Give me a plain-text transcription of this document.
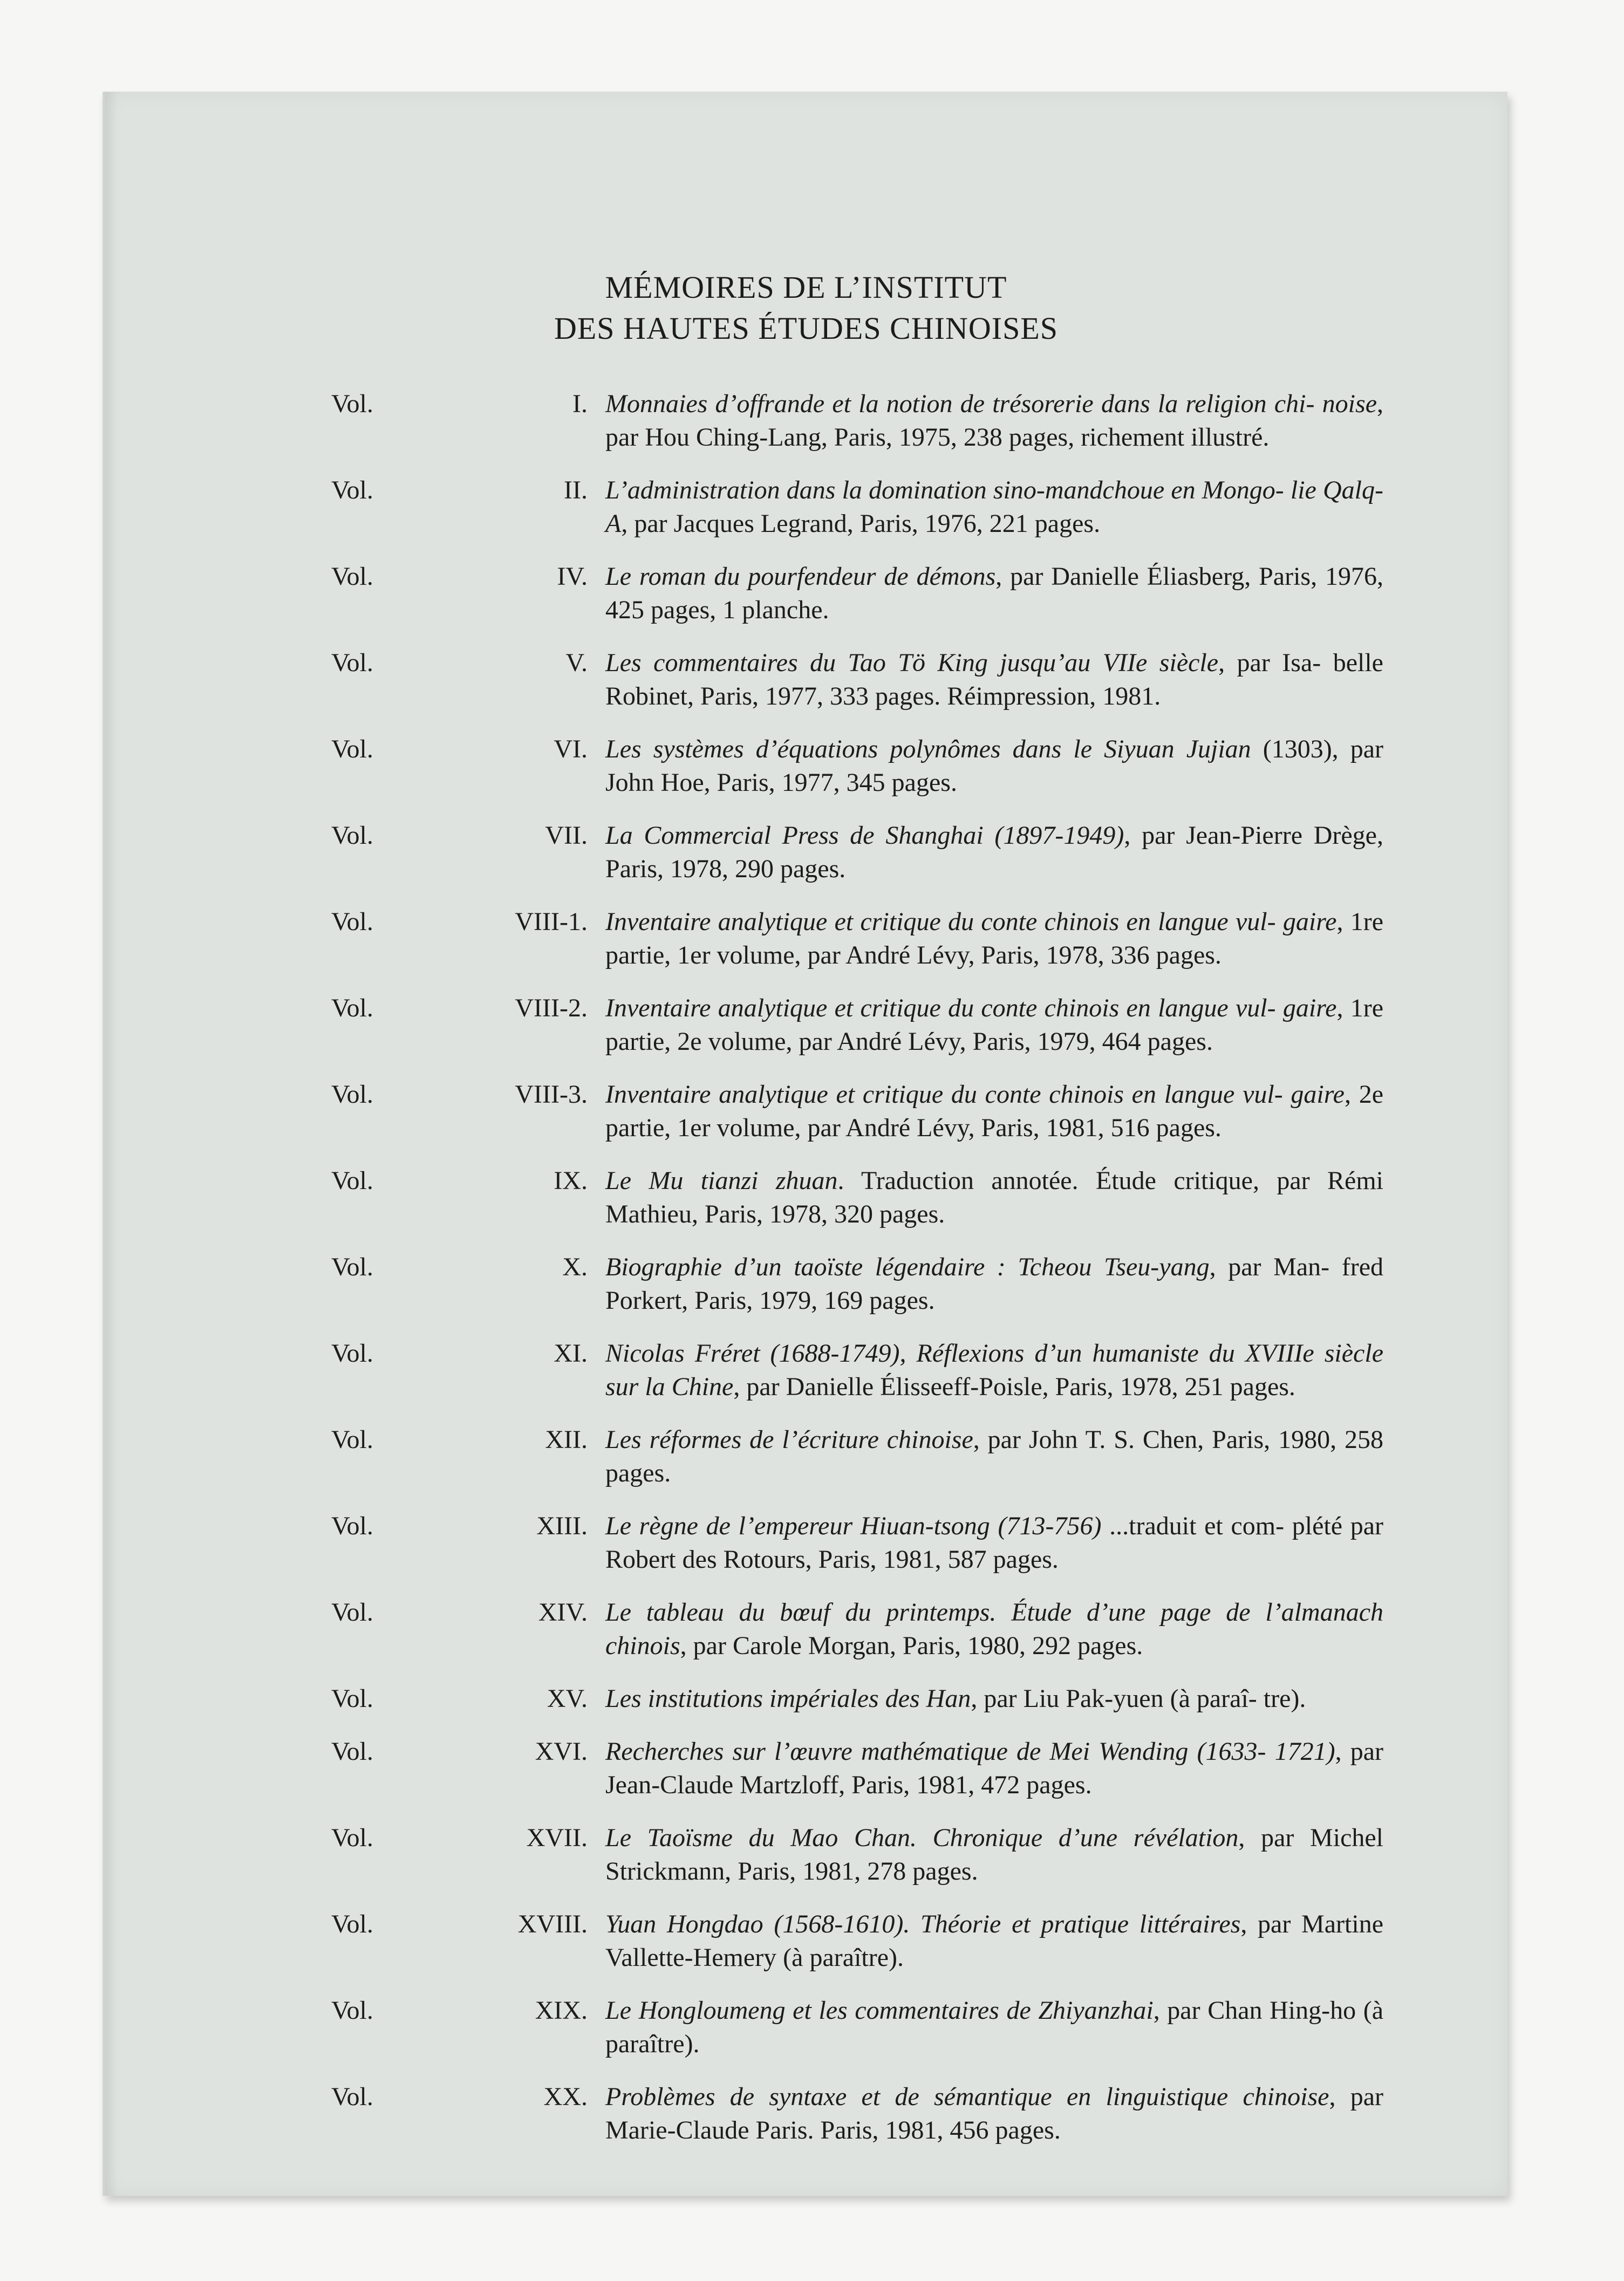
MÉMOIRES DE L’INSTITUT
DES HAUTES ÉTUDES CHINOISES
Vol.	I. Monnaies d’offrande et la notion de trésorerie dans la religion chi- noise, par Hou Ching-Lang, Paris, 1975, 238 pages, richement illustré.
Vol.	II. L’administration dans la domination sino-mandchoue en Mongo- lie Qalq-A, par Jacques Legrand, Paris, 1976, 221 pages.
Vol.	IV. Le roman du pourfendeur de démons, par Danielle Éliasberg, Paris, 1976, 425 pages, 1 planche.
Vol.	V. Les commentaires du Tao Tö King jusqu’au VIIe siècle, par Isa- belle Robinet, Paris, 1977, 333 pages. Réimpression, 1981.
Vol.	VI. Les systèmes d’équations polynômes dans le Siyuan Jujian (1303), par John Hoe, Paris, 1977, 345 pages.
Vol.	VII. La Commercial Press de Shanghai (1897-1949), par Jean-Pierre Drège, Paris, 1978, 290 pages.
Vol.	VIII-1. Inventaire analytique et critique du conte chinois en langue vul- gaire, 1re partie, 1er volume, par André Lévy, Paris, 1978, 336 pages.
Vol.	VIII-2. Inventaire analytique et critique du conte chinois en langue vul- gaire, 1re partie, 2e volume, par André Lévy, Paris, 1979, 464 pages.
Vol.	VIII-3. Inventaire analytique et critique du conte chinois en langue vul- gaire, 2e partie, 1er volume, par André Lévy, Paris, 1981, 516 pages.
Vol.	IX. Le Mu tianzi zhuan. Traduction annotée. Étude critique, par Rémi Mathieu, Paris, 1978, 320 pages.
Vol.	X. Biographie d’un taoïste légendaire : Tcheou Tseu-yang, par Man- fred Porkert, Paris, 1979, 169 pages.
Vol.	XI. Nicolas Fréret (1688-1749), Réflexions d’un humaniste du XVIIIe siècle sur la Chine, par Danielle Élisseeff-Poisle, Paris, 1978, 251 pages.
Vol.	XII. Les réformes de l’écriture chinoise, par John T. S. Chen, Paris, 1980, 258 pages.
Vol.	XIII. Le règne de l’empereur Hiuan-tsong (713-756) ...traduit et com- plété par Robert des Rotours, Paris, 1981, 587 pages.
Vol.	XIV. Le tableau du bœuf du printemps. Étude d’une page de l’almanach chinois, par Carole Morgan, Paris, 1980, 292 pages.
Vol.	XV. Les institutions impériales des Han, par Liu Pak-yuen (à paraî- tre).
Vol.	XVI. Recherches sur l’œuvre mathématique de Mei Wending (1633- 1721), par Jean-Claude Martzloff, Paris, 1981, 472 pages.
Vol.	XVII. Le Taoïsme du Mao Chan. Chronique d’une révélation, par Michel Strickmann, Paris, 1981, 278 pages.
Vol.	XVIII. Yuan Hongdao (1568-1610). Théorie et pratique littéraires, par Martine Vallette-Hemery (à paraître).
Vol.	XIX. Le Hongloumeng et les commentaires de Zhiyanzhai, par Chan Hing-ho (à paraître).
Vol.	XX. Problèmes de syntaxe et de sémantique en linguistique chinoise, par Marie-Claude Paris. Paris, 1981, 456 pages.
